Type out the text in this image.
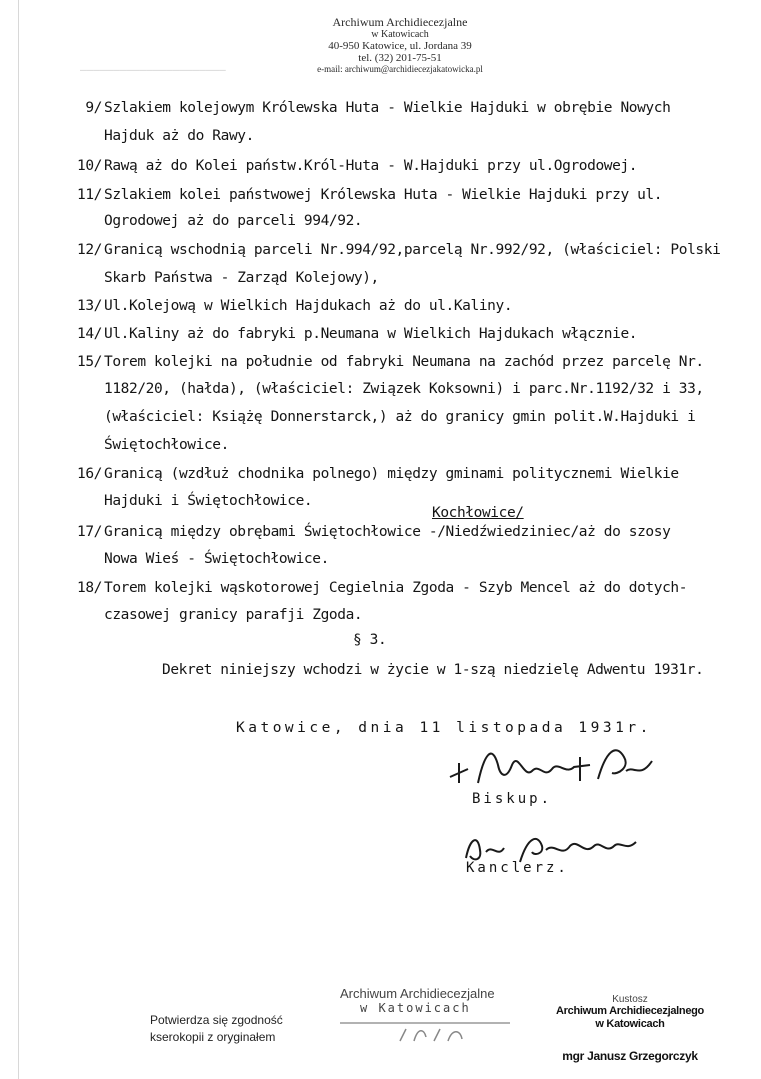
――――――――――――――――――――――
Archiwum Archidiecezjalne
w Katowicach
40-950 Katowice, ul. Jordana 39
tel. (32) 201-75-51
e-mail: archiwum@archidiecezjakatowicka.pl
9/ Szlakiem kolejowym Królewska Huta - Wielkie Hajduki w obrębie Nowych
Hajduk aż do Rawy.
10/ Rawą aż do Kolei państw.Król-Huta - W.Hajduki przy ul.Ogrodowej.
11/ Szlakiem kolei państwowej Królewska Huta - Wielkie Hajduki przy ul.
Ogrodowej aż do parceli 994/92.
12/ Granicą wschodnią parceli Nr.994/92,parcelą Nr.992/92, (właściciel: Polski
Skarb Państwa - Zarząd Kolejowy),
13/ Ul.Kolejową w Wielkich Hajdukach aż do ul.Kaliny.
14/ Ul.Kaliny aż do fabryki p.Neumana w Wielkich Hajdukach włącznie.
15/ Torem kolejki na południe od fabryki Neumana na zachód przez parcelę Nr.
1182/20, (hałda), (właściciel: Związek Koksowni) i parc.Nr.1192/32 i 33,
(właściciel: Książę Donnerstarck,) aż do granicy gmin polit.W.Hajduki i
Świętochłowice.
16/ Granicą (wzdłuż chodnika polnego) między gminami politycznemi Wielkie
Hajduki i Świętochłowice.
Kochłowice/
17/ Granicą między obrębami Świętochłowice -/Niedźwiedziniec/aż do szosy
Nowa Wieś - Świętochłowice.
18/ Torem kolejki wąskotorowej Cegielnia Zgoda - Szyb Mencel aż do dotych-
czasowej granicy parafji Zgoda.
§ 3.
Dekret niniejszy wchodzi w życie w 1-szą niedzielę Adwentu 1931r.
Katowice, dnia 11 listopada 1931r.
Biskup.
Kanclerz.
Potwierdza się zgodność
kserokopii z oryginałem
Archiwum Archidiecezjalne
w Katowicach
Kustosz
Archiwum Archidiecezjalnego
w Katowicach
mgr Janusz Grzegorczyk
